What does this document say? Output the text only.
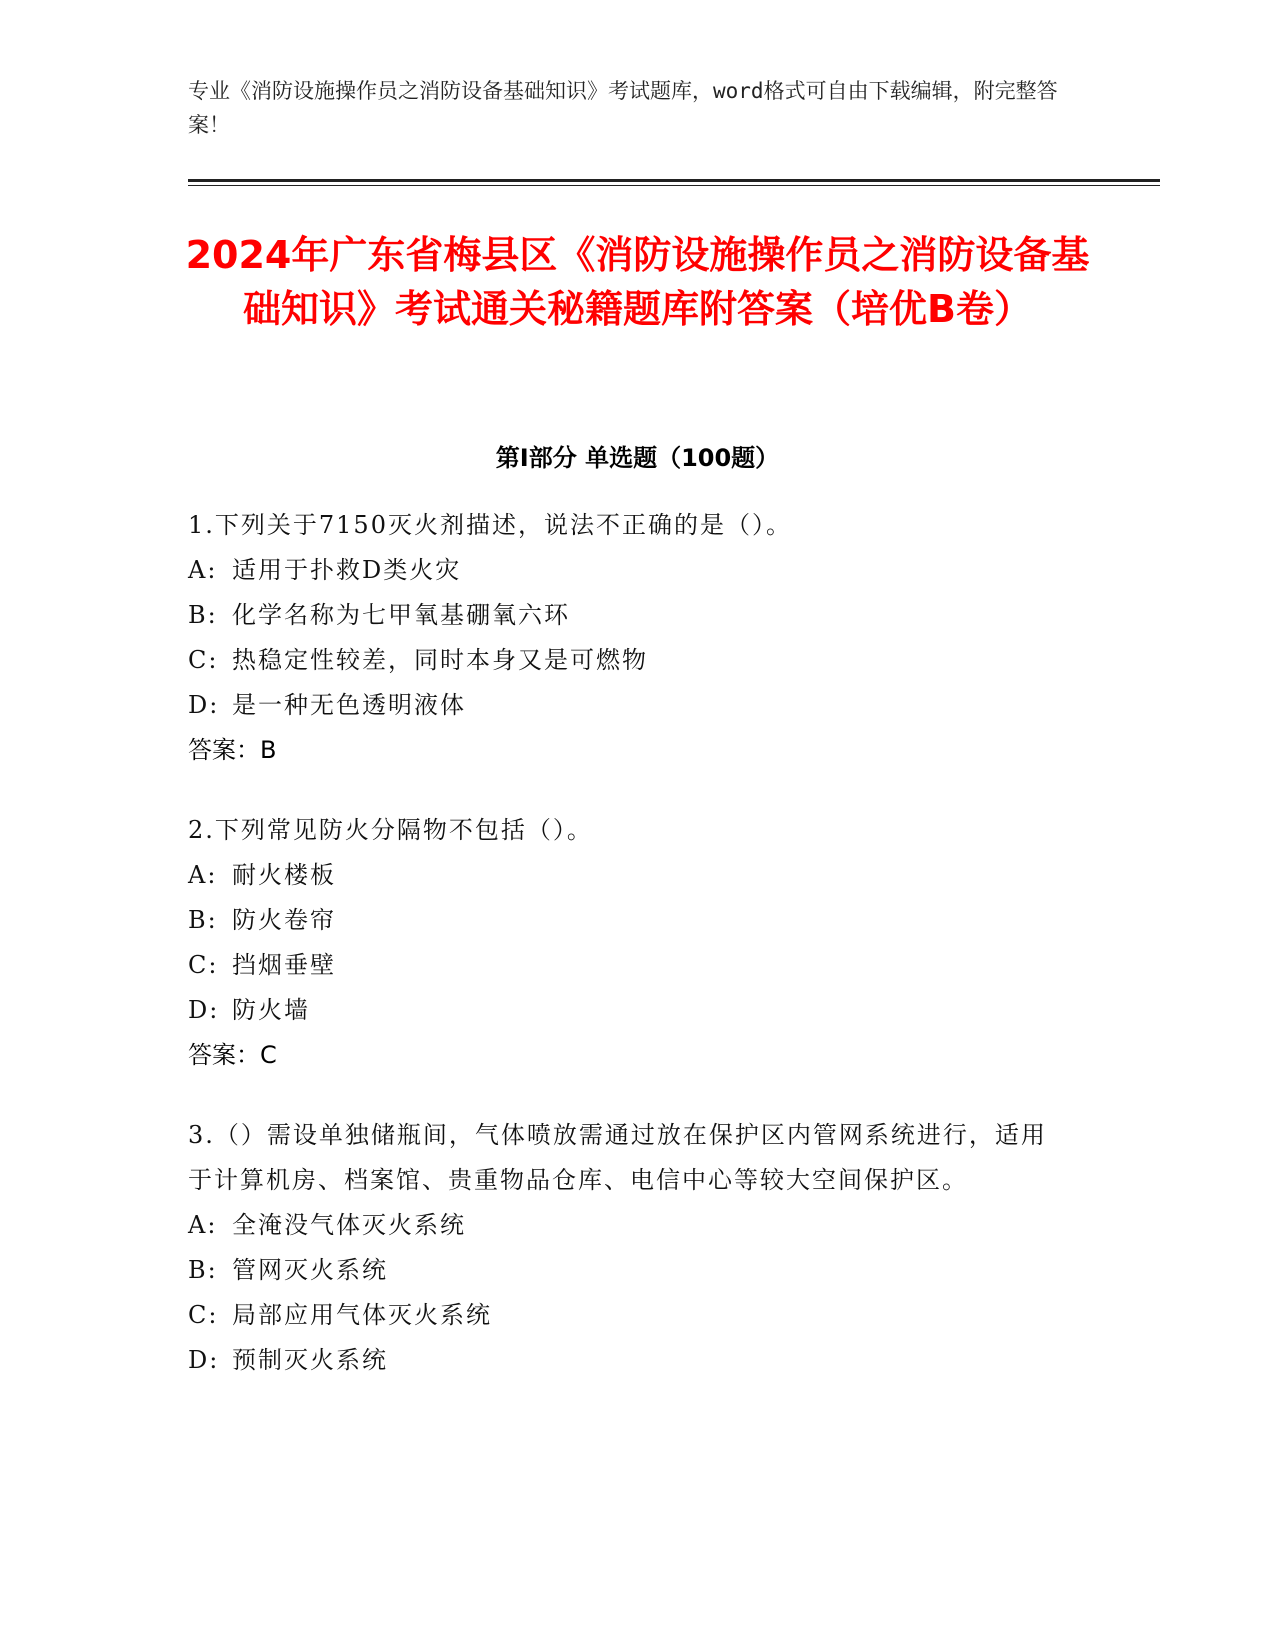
专业《消防设施操作员之消防设备基础知识》考试题库，word格式可自由下载编辑，附完整答案！
2024年广东省梅县区《消防设施操作员之消防设备基础知识》考试通关秘籍题库附答案（培优B卷）
第Ⅰ部分 单选题（100题）
1.下列关于7150灭火剂描述，说法不正确的是（）。
A: 适用于扑救D类火灾
B: 化学名称为七甲氧基硼氧六环
C: 热稳定性较差，同时本身又是可燃物
D: 是一种无色透明液体
答案：B
2.下列常见防火分隔物不包括（）。
A: 耐火楼板
B: 防火卷帘
C: 挡烟垂壁
D: 防火墙
答案：C
3.（）需设单独储瓶间，气体喷放需通过放在保护区内管网系统进行，适用于计算机房、档案馆、贵重物品仓库、电信中心等较大空间保护区。
A: 全淹没气体灭火系统
B: 管网灭火系统
C: 局部应用气体灭火系统
D: 预制灭火系统
